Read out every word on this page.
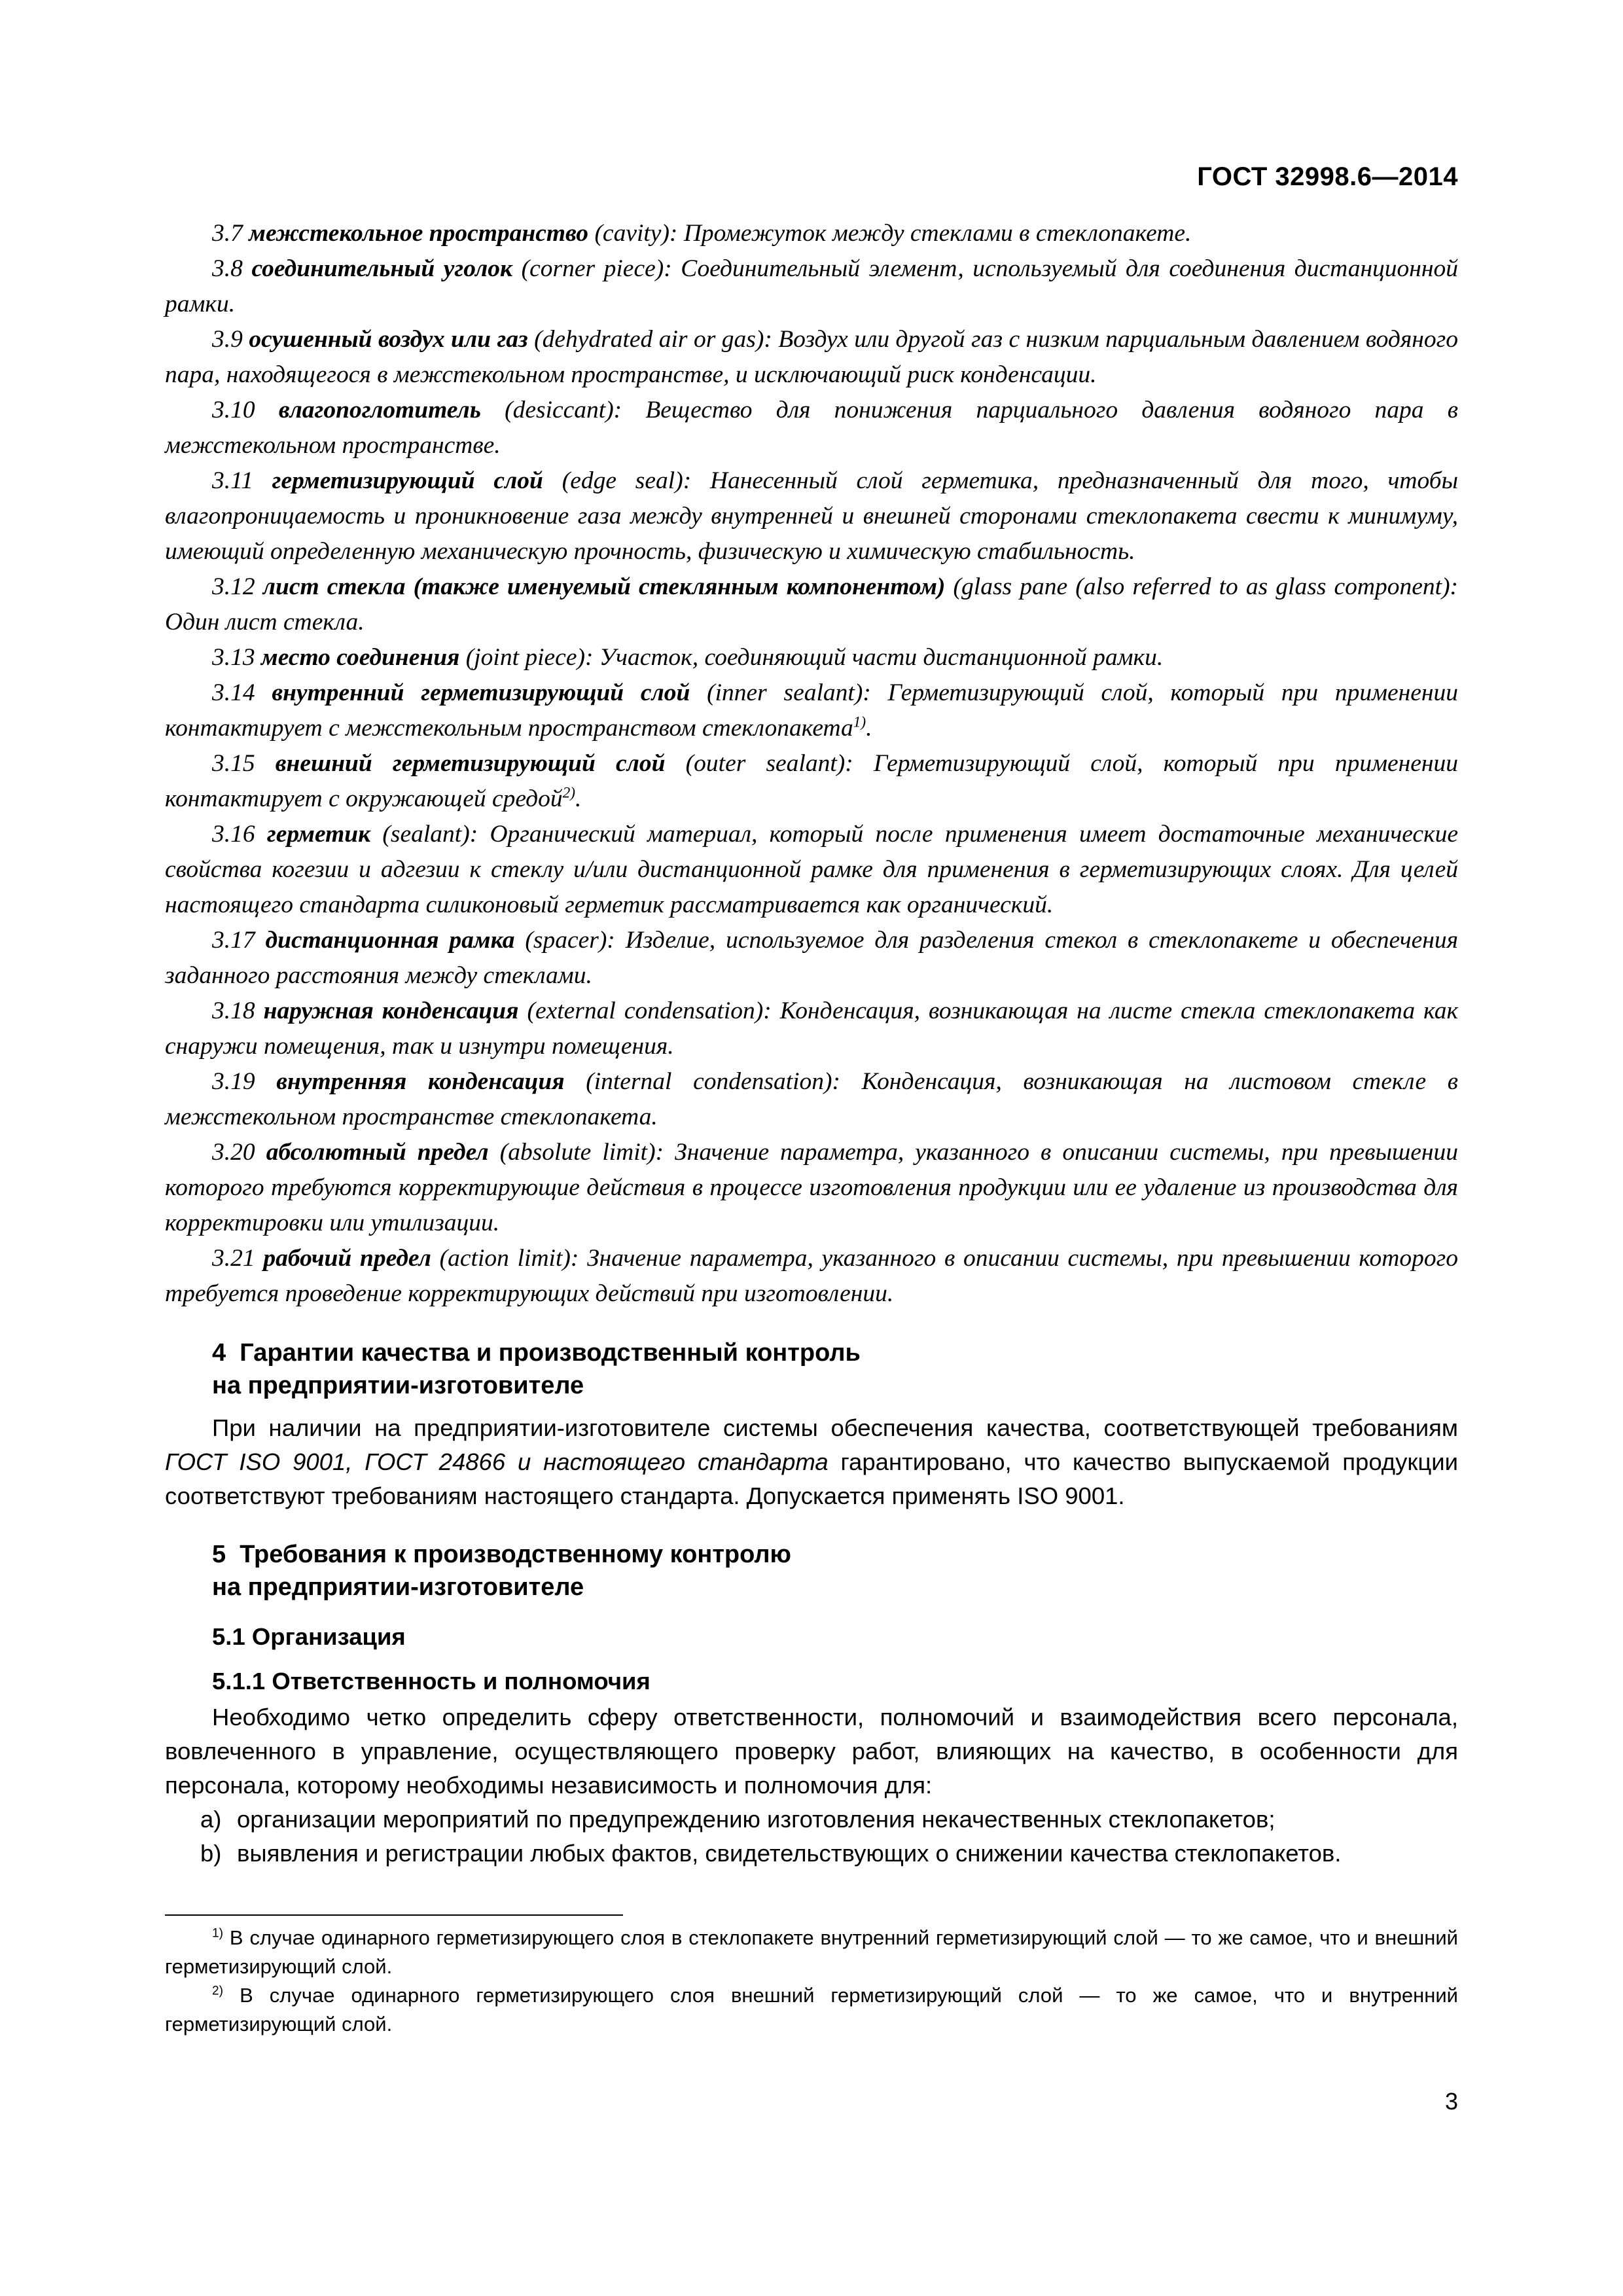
ГОСТ 32998.6—2014

3.7 межстекольное пространство (cavity): Промежуток между стеклами в стеклопакете.

3.8 соединительный уголок (corner piece): Соединительный элемент, используемый для соединения дистанционной рамки.

3.9 осушенный воздух или газ (dehydrated air or gas): Воздух или другой газ с низким парциальным давлением водяного пара, находящегося в межстекольном пространстве, и исключающий риск конденсации.

3.10 влагопоглотитель (desiccant): Вещество для понижения парциального давления водяного пара в межстекольном пространстве.

3.11 герметизирующий слой (edge seal): Нанесенный слой герметика, предназначенный для того, чтобы влагопроницаемость и проникновение газа между внутренней и внешней сторонами стеклопакета свести к минимуму, имеющий определенную механическую прочность, физическую и химическую стабильность.

3.12 лист стекла (также именуемый стеклянным компонентом) (glass pane (also referred to as glass component): Один лист стекла.

3.13 место соединения (joint piece): Участок, соединяющий части дистанционной рамки.

3.14 внутренний герметизирующий слой (inner sealant): Герметизирующий слой, который при применении контактирует с межстекольным пространством стеклопакета$^{1)}$.

3.15 внешний герметизирующий слой (outer sealant): Герметизирующий слой, который при применении контактирует с окружающей средой$^{2)}$.

3.16 герметик (sealant): Органический материал, который после применения имеет достаточные механические свойства когезии и адгезии к стеклу и/или дистанционной рамке для применения в герметизирующих слоях. Для целей настоящего стандарта силиконовый герметик рассматривается как органический.

3.17 дистанционная рамка (spacer): Изделие, используемое для разделения стекол в стеклопакете и обеспечения заданного расстояния между стеклами.

3.18 наружная конденсация (external condensation): Конденсация, возникающая на листе стекла стеклопакета как снаружи помещения, так и изнутри помещения.

3.19 внутренняя конденсация (internal condensation): Конденсация, возникающая на листовом стекле в межстекольном пространстве стеклопакета.

3.20 абсолютный предел (absolute limit): Значение параметра, указанного в описании системы, при превышении которого требуются корректирующие действия в процессе изготовления продукции или ее удаление из производства для корректировки или утилизации.

3.21 рабочий предел (action limit): Значение параметра, указанного в описании системы, при превышении которого требуется проведение корректирующих действий при изготовлении.

4 Гарантии качества и производственный контроль
на предприятии-изготовителе

При наличии на предприятии-изготовителе системы обеспечения качества, соответствующей требованиям ГОСТ ISO 9001, ГОСТ 24866 и настоящего стандарта гарантировано, что качество выпускаемой продукции соответствуют требованиям настоящего стандарта. Допускается применять ISO 9001.

5 Требования к производственному контролю
на предприятии-изготовителе
5.1 Организация
5.1.1 Ответственность и полномочия

Необходимо четко определить сферу ответственности, полномочий и взаимодействия всего персонала, вовлеченного в управление, осуществляющего проверку работ, влияющих на качество, в особенности для персонала, которому необходимы независимость и полномочия для:

a) организации мероприятий по предупреждению изготовления некачественных стеклопакетов;

b) выявления и регистрации любых фактов, свидетельствующих о снижении качества стеклопакетов.

$^{1)}$ В случае одинарного герметизирующего слоя в стеклопакете внутренний герметизирующий слой — то же самое, что и внешний герметизирующий слой.

$^{2)}$ В случае одинарного герметизирующего слоя внешний герметизирующий слой — то же самое, что и внутренний герметизирующий слой.

3
